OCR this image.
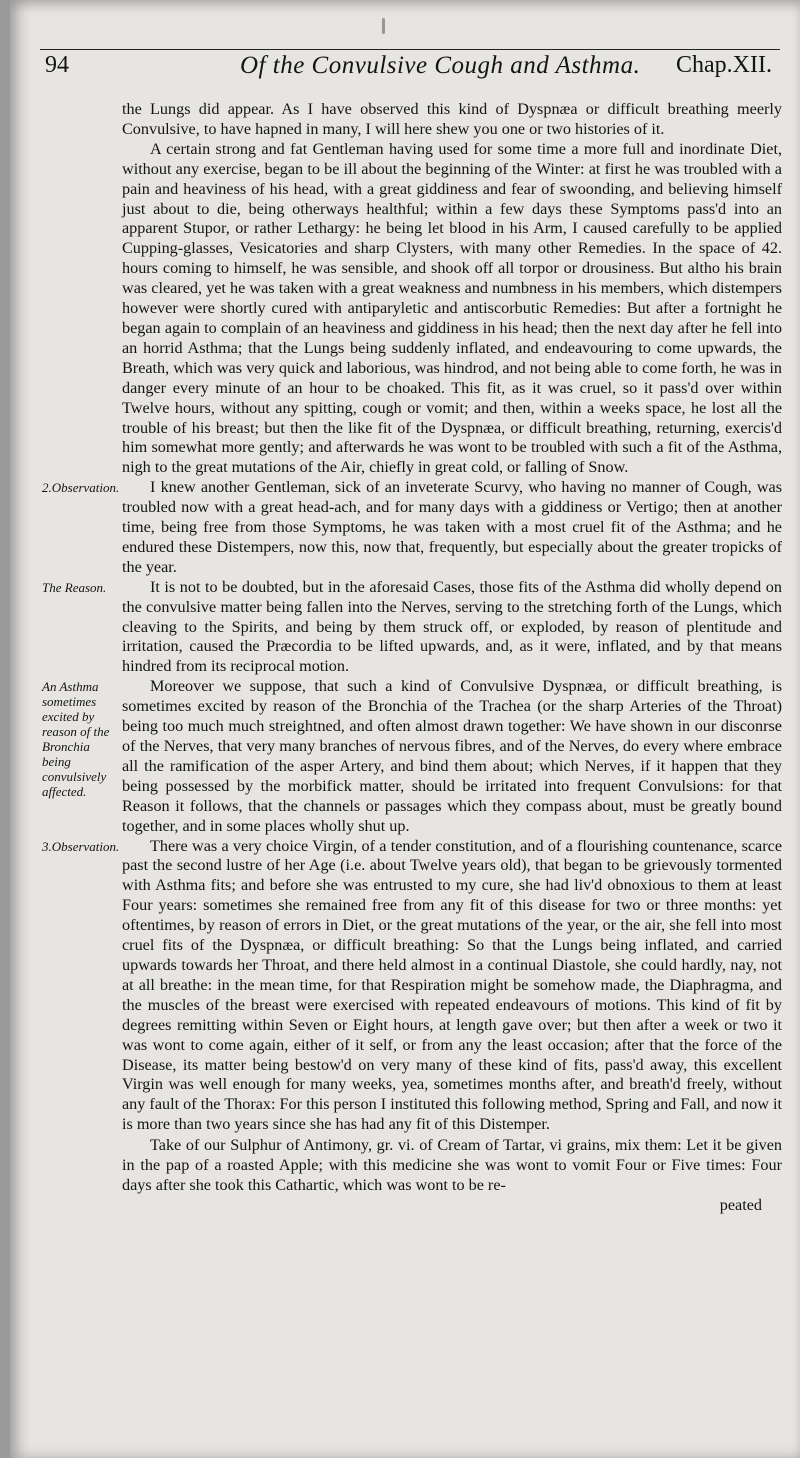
94	Of the Convulsive Cough and Asthma. Chap.XII.

the Lungs did appear. As I have observed this kind of Dyspnæa or difficult breathing meerly Convulsive, to have hapned in many, I will here shew you one or two histories of it.

A certain strong and fat Gentleman having used for some time a more full and inordinate Diet, without any exercise, began to be ill about the beginning of the Winter: at first he was troubled with a pain and heaviness of his head, with a great giddiness and fear of swoonding, and believing himself just about to die, being otherways healthful; within a few days these Symptoms pass'd into an apparent Stupor, or rather Lethargy: he being let blood in his Arm, I caused carefully to be applied Cupping-glasses, Vesicatories and sharp Clysters, with many other Remedies. In the space of 42. hours coming to himself, he was sensible, and shook off all torpor or drousiness. But altho his brain was cleared, yet he was taken with a great weakness and numbness in his members, which distempers however were shortly cured with antiparyletic and antiscorbutic Remedies: But after a fortnight he began again to complain of an heaviness and giddiness in his head; then the next day after he fell into an horrid Asthma; that the Lungs being suddenly inflated, and endeavouring to come upwards, the Breath, which was very quick and laborious, was hindrod, and not being able to come forth, he was in danger every minute of an hour to be choaked. This fit, as it was cruel, so it pass'd over within Twelve hours, without any spitting, cough or vomit; and then, within a weeks space, he lost all the trouble of his breast; but then the like fit of the Dyspnæa, or difficult breathing, returning, exercis'd him somewhat more gently; and afterwards he was wont to be troubled with such a fit of the Asthma, nigh to the great mutations of the Air, chiefly in great cold, or falling of Snow.

2.Observation.	I knew another Gentleman, sick of an inveterate Scurvy, who having no manner of Cough, was troubled now with a great head-ach, and for many days with a giddiness or Vertigo; then at another time, being free from those Symptoms, he was taken with a most cruel fit of the Asthma; and he endured these Distempers, now this, now that, frequently, but especially about the greater tropicks of the year.

The Reason.	It is not to be doubted, but in the aforesaid Cases, those fits of the Asthma did wholly depend on the convulsive matter being fallen into the Nerves, serving to the stretching forth of the Lungs, which cleaving to the Spirits, and being by them struck off, or exploded, by reason of plentitude and irritation, caused the Præcordia to be lifted upwards, and, as it were, inflated, and by that means hindred from its reciprocal motion.

An Asthma sometimes excited by reason of the Bronchia being convulsively affected.

Moreover we suppose, that such a kind of Convulsive Dyspnæa, or difficult breathing, is sometimes excited by reason of the Bronchia of the Trachea (or the sharp Arteries of the Throat) being too much much streightned, and often almost drawn together: We have shown in our disconrse of the Nerves, that very many branches of nervous fibres, and of the Nerves, do every where embrace all the ramification of the asper Artery, and bind them about; which Nerves, if it happen that they being possessed by the morbifick matter, should be irritated into frequent Convulsions: for that Reason it follows, that the channels or passages which they compass about, must be greatly bound together, and in some places wholly shut up.

3.Observation.	There was a very choice Virgin, of a tender constitution, and of a flourishing countenance, scarce past the second lustre of her Age (i.e. about Twelve years old), that began to be grievously tormented with Asthma fits; and before she was entrusted to my cure, she had liv'd obnoxious to them at least Four years: sometimes she remained free from any fit of this disease for two or three months: yet oftentimes, by reason of errors in Diet, or the great mutations of the year, or the air, she fell into most cruel fits of the Dyspnæa, or difficult breathing: So that the Lungs being inflated, and carried upwards towards her Throat, and there held almost in a continual Diastole, she could hardly, nay, not at all breathe: in the mean time, for that Respiration might be somehow made, the Diaphragma, and the muscles of the breast were exercised with repeated endeavours of motions. This kind of fit by degrees remitting within Seven or Eight hours, at length gave over; but then after a week or two it was wont to come again, either of it self, or from any the least occasion; after that the force of the Disease, its matter being bestow'd on very many of these kind of fits, pass'd away, this excellent Virgin was well enough for many weeks, yea, sometimes months after, and breath'd freely, without any fault of the Thorax: For this person I instituted this following method, Spring and Fall, and now it is more than two years since she has had any fit of this Distemper.

Take of our Sulphur of Antimony, gr. vi. of Cream of Tartar, vi grains, mix them: Let it be given in the pap of a roasted Apple; with this medicine she was wont to vomit Four or Five times: Four days after she took this Cathartic, which was wont to be re-

peated
